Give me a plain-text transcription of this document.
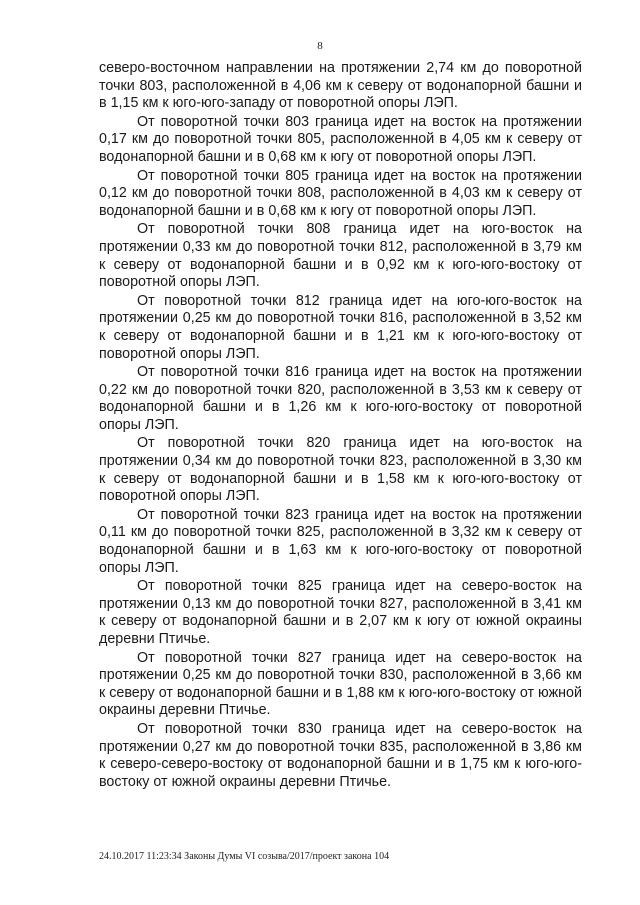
8

северо-восточном направлении на протяжении 2,74 км до поворотной точки 803, расположенной в 4,06 км к северу от водонапорной башни и в 1,15 км к юго-юго-западу от поворотной опоры ЛЭП.

От поворотной точки 803 граница идет на восток на протяжении 0,17 км до поворотной точки 805, расположенной в 4,05 км к северу от водонапорной башни и в 0,68 км к югу от поворотной опоры ЛЭП.

От поворотной точки 805 граница идет на восток на протяжении 0,12 км до поворотной точки 808, расположенной в 4,03 км к северу от водонапорной башни и в 0,68 км к югу от поворотной опоры ЛЭП.

От поворотной точки 808 граница идет на юго-восток на протяжении 0,33 км до поворотной точки 812, расположенной в 3,79 км к северу от водонапорной башни и в 0,92 км к юго-юго-востоку от поворотной опоры ЛЭП.

От поворотной точки 812 граница идет на юго-юго-восток на протяжении 0,25 км до поворотной точки 816, расположенной в 3,52 км к северу от водонапорной башни и в 1,21 км к юго-юго-востоку от поворотной опоры ЛЭП.

От поворотной точки 816 граница идет на восток на протяжении 0,22 км до поворотной точки 820, расположенной в 3,53 км к северу от водонапорной башни и в 1,26 км к юго-юго-востоку от поворотной опоры ЛЭП.

От поворотной точки 820 граница идет на юго-восток на протяжении 0,34 км до поворотной точки 823, расположенной в 3,30 км к северу от водонапорной башни и в 1,58 км к юго-юго-востоку от поворотной опоры ЛЭП.

От поворотной точки 823 граница идет на восток на протяжении 0,11 км до поворотной точки 825, расположенной в 3,32 км к северу от водонапорной башни и в 1,63 км к юго-юго-востоку от поворотной опоры ЛЭП.

От поворотной точки 825 граница идет на северо-восток на протяжении 0,13 км до поворотной точки 827, расположенной в 3,41 км к северу от водонапорной башни и в 2,07 км к югу от южной окраины деревни Птичье.

От поворотной точки 827 граница идет на северо-восток на протяжении 0,25 км до поворотной точки 830, расположенной в 3,66 км к северу от водонапорной башни и в 1,88 км к юго-юго-востоку от южной окраины деревни Птичье.

От поворотной точки 830 граница идет на северо-восток на протяжении 0,27 км до поворотной точки 835, расположенной в 3,86 км к северо-северо-востоку от водонапорной башни и в 1,75 км к юго-юго-востоку от южной окраины деревни Птичье.

24.10.2017 11:23:34 Законы Думы VI созыва/2017/проект закона 104
